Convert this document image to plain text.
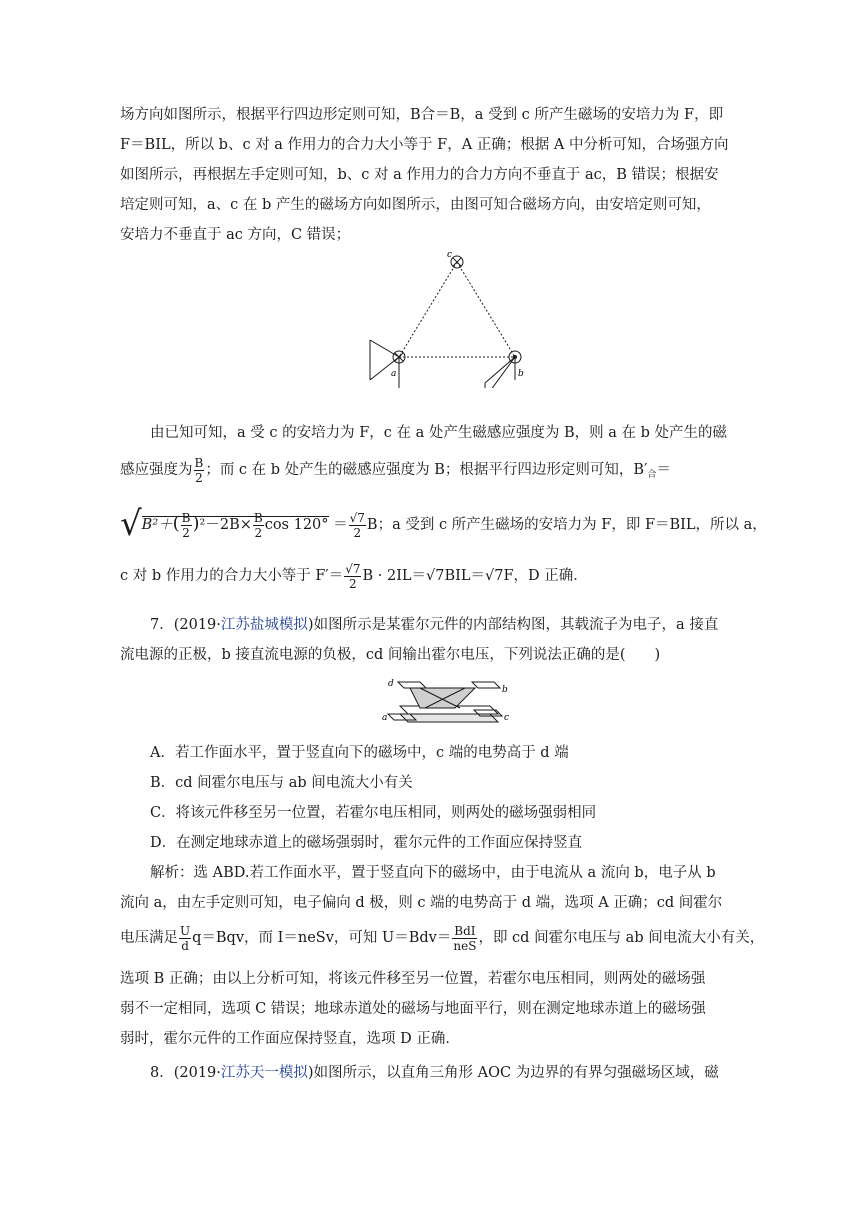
场方向如图所示，根据平行四边形定则可知，B合＝B，a 受到 c 所产生磁场的安培力为 F，即
F＝BIL，所以 b、c 对 a 作用力的合力大小等于 F，A 正确；根据 A 中分析可知，合场强方向
如图所示，再根据左手定则可知，b、c 对 a 作用力的合力方向不垂直于 ac，B 错误；根据安
培定则可知，a、c 在 b 产生的磁场方向如图所示，由图可知合磁场方向，由安培定则可知，
安培力不垂直于 ac 方向，C 错误；
c
a	b
由已知可知，a 受 c 的安培力为 F，c 在 a 处产生磁感应强度为 B，则 a 在 b 处产生的磁
感应强度为 $\frac{B}{2}$ ；而 c 在 b 处产生的磁感应强度为 B；根据平行四边形定则可知，$B'_合=$
$√B^2+( \frac{B}{2} )^2-2B\times \frac{B}{2}$ $\cos 120^\circ = \frac{√7}{2}$ B；a 受到 c 所产生磁场的安培力为 F，即 F＝BIL，所以 a，
c 对 b 作用力的合力大小等于 $F'= \frac{√7}{2}$ B · 2IL＝√7BIL＝√7F，D 正确．
7．(2019·江苏盐城模拟)如图所示是某霍尔元件的内部结构图，其载流子为电子，a 接直
流电源的正极，b 接直流电源的负极，cd 间输出霍尔电压，下列说法正确的是(　　)
d
b
a	c
A．若工作面水平，置于竖直向下的磁场中，c 端的电势高于 d 端
B．cd 间霍尔电压与 ab 间电流大小有关
C．将该元件移至另一位置，若霍尔电压相同，则两处的磁场强弱相同
D．在测定地球赤道上的磁场强弱时，霍尔元件的工作面应保持竖直
解析：选 ABD.若工作面水平，置于竖直向下的磁场中，由于电流从 a 流向 b，电子从 b
流向 a，由左手定则可知，电子偏向 d 极，则 c 端的电势高于 d 端，选项 A 正确；cd 间霍尔
电压满足 $\frac{U}{d} q=Bqv$，而 I＝neSv，可知 $U=Bdv= \frac{\text{BdI}}{\text{neS}}$ ，即 cd 间霍尔电压与 ab 间电流大小有关，
选项 B 正确；由以上分析可知，将该元件移至另一位置，若霍尔电压相同，则两处的磁场强
弱不一定相同，选项 C 错误；地球赤道处的磁场与地面平行，则在测定地球赤道上的磁场强
弱时，霍尔元件的工作面应保持竖直，选项 D 正确．
8．(2019·江苏天一模拟)如图所示，以直角三角形 AOC 为边界的有界匀强磁场区域，磁
